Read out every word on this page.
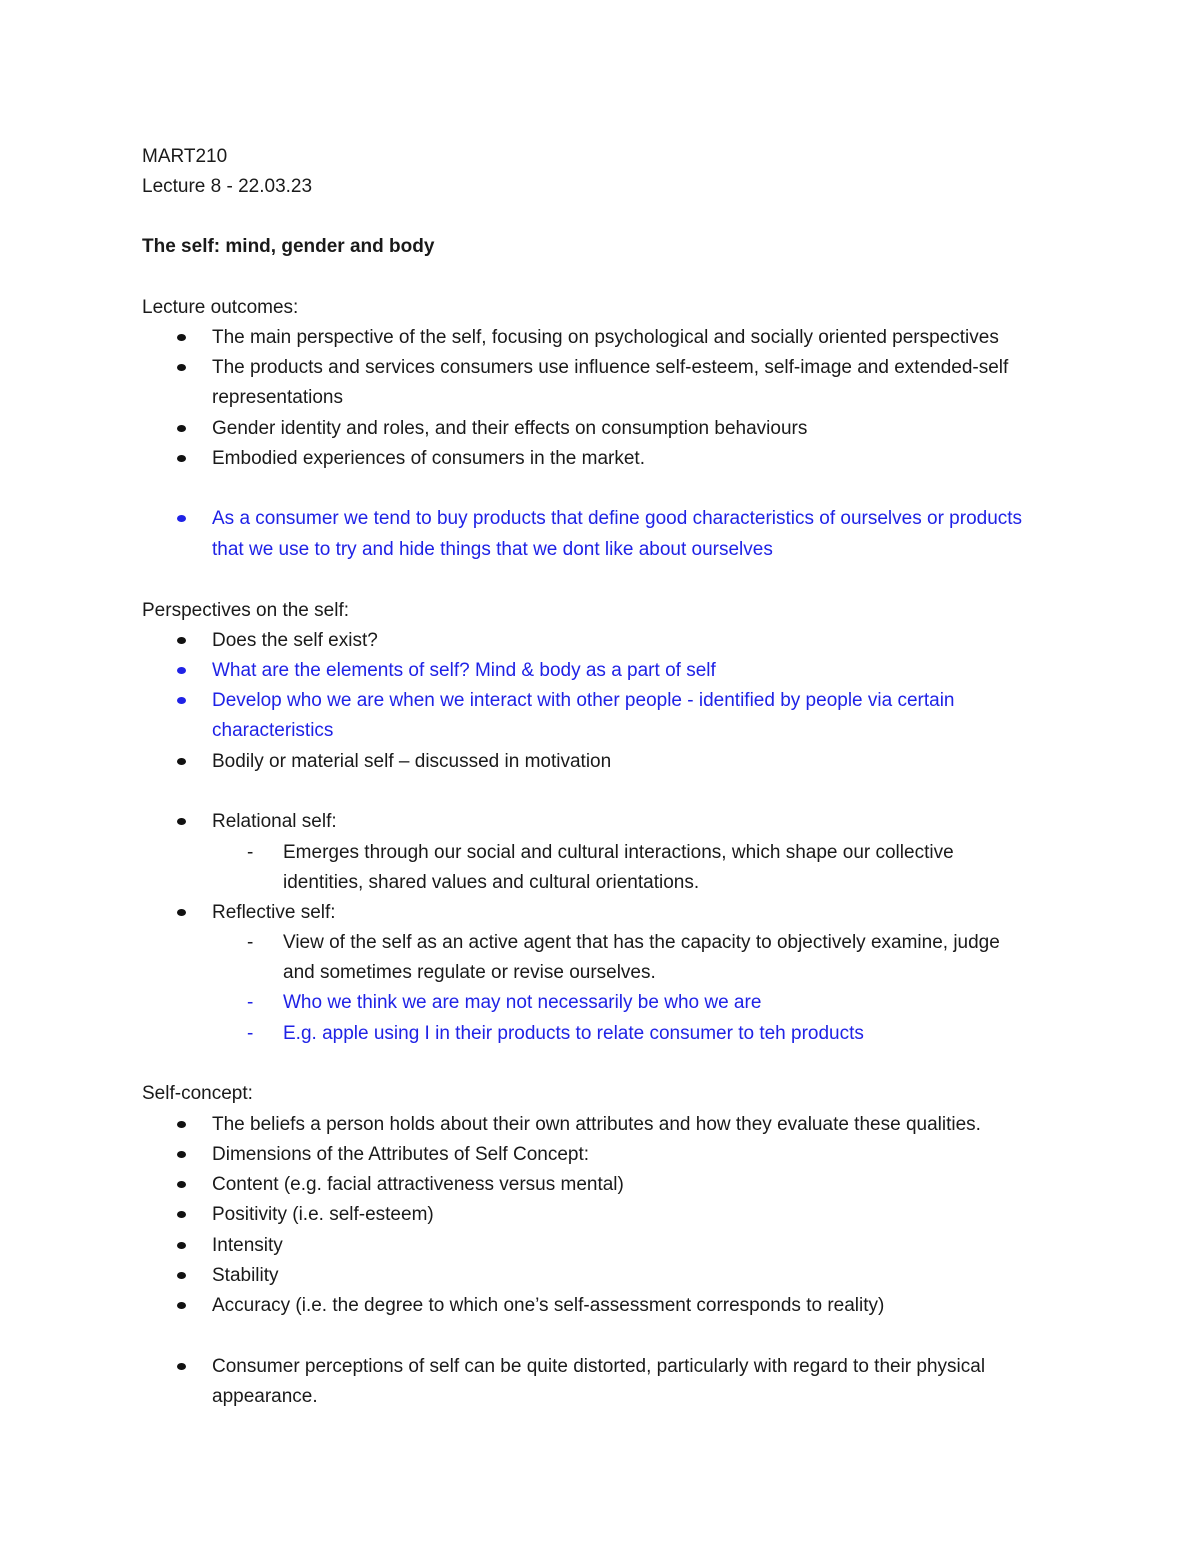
MART210
Lecture 8 - 22.03.23
The self: mind, gender and body
Lecture outcomes:
The main perspective of the self, focusing on psychological and socially oriented perspectives
The products and services consumers use influence self-esteem, self-image and extended-self
representations
Gender identity and roles, and their effects on consumption behaviours
Embodied experiences of consumers in the market.
As a consumer we tend to buy products that define good characteristics of ourselves or products
that we use to try and hide things that we dont like about ourselves
Perspectives on the self:
Does the self exist?
What are the elements of self? Mind & body as a part of self
Develop who we are when we interact with other people - identified by people via certain
characteristics
Bodily or material self – discussed in motivation
Relational self:
- Emerges through our social and cultural interactions, which shape our collective
identities, shared values and cultural orientations.
Reflective self:
- View of the self as an active agent that has the capacity to objectively examine, judge
and sometimes regulate or revise ourselves.
- Who we think we are may not necessarily be who we are
- E.g. apple using I in their products to relate consumer to teh products
Self-concept:
The beliefs a person holds about their own attributes and how they evaluate these qualities.
Dimensions of the Attributes of Self Concept:
Content (e.g. facial attractiveness versus mental)
Positivity (i.e. self-esteem)
Intensity
Stability
Accuracy (i.e. the degree to which one’s self-assessment corresponds to reality)
Consumer perceptions of self can be quite distorted, particularly with regard to their physical
appearance.
